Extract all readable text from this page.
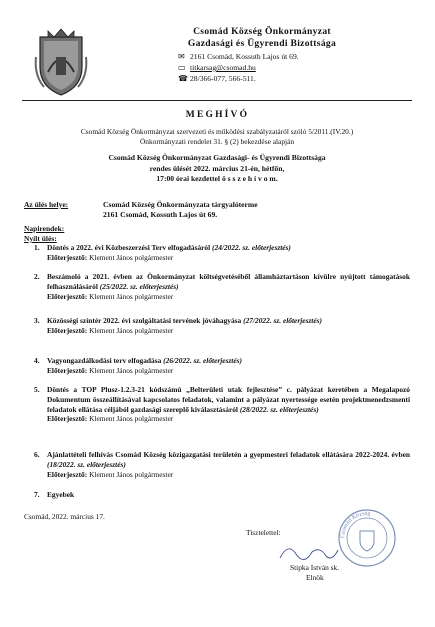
Csomád Község Önkormányzat
Gazdasági és Ügyrendi Bizottsága
✉ 2161 Csomád, Kossuth Lajos út 69.
▭ titkarsag@csomad.hu
☎ 28/366-077, 566-511.
MEGHÍVÓ
Csomád Község Önkormányzat szervezeti és működési szabályzatáról szóló 5/2011.(IV.20.)
Önkormányzati rendelet 31. § (2) bekezdése alapján
Csomád Község Önkormányzat Gazdasági- és Ügyrendi Bizottsága
rendes ülését 2022. március 21-én, hétfőn,
17:00 órai kezdettel ö s s z e h í v o m.
Az ülés helye:	Csomád Község Önkormányzata tárgyalóterme
2161 Csomád, Kossuth Lajos út 69.
Napirendek:
Nyílt ülés:
1. Döntés a 2022. évi Közbeszerzési Terv elfogadásáról (24/2022. sz. előterjesztés)
Előterjesztő: Klement János polgármester
2. Beszámoló a 2021. évben az Önkormányzat költségvetéséből államháztartáson kívülre nyújtott támogatások felhasználásáról (25/2022. sz. előterjesztés)
Előterjesztő: Klement János polgármester
3. Közösségi színtér 2022. évi szolgáltatási tervének jóváhagyása (27/2022. sz. előterjesztés)
Előterjesztő: Klement János polgármester
4. Vagyongazdálkodási terv elfogadása (26/2022. sz. előterjesztés)
Előterjesztő: Klement János polgármester
5. Döntés a TOP Plusz-1.2.3-21 kódszámú „Belterületi utak fejlesztése” c. pályázat keretében a Megalapozó Dokumentum összeállításával kapcsolatos feladatok, valamint a pályázat nyertessége esetén projektmenedzsmenti feladatok ellátása céljából gazdasági szereplő kiválasztásáról (28/2022. sz. előterjesztés)
Előterjesztő: Klement János polgármester
6. Ajánlattételi felhívás Csomád Község közigazgatási területén a gyepmesteri feladatok ellátására 2022-2024. évben (18/2022. sz. előterjesztés)
Előterjesztő: Klement János polgármester
7. Egyebek
Csomád, 2022. március 17.
Tisztelettel:	Csomád Község
Stipka István sk.
Elnök
